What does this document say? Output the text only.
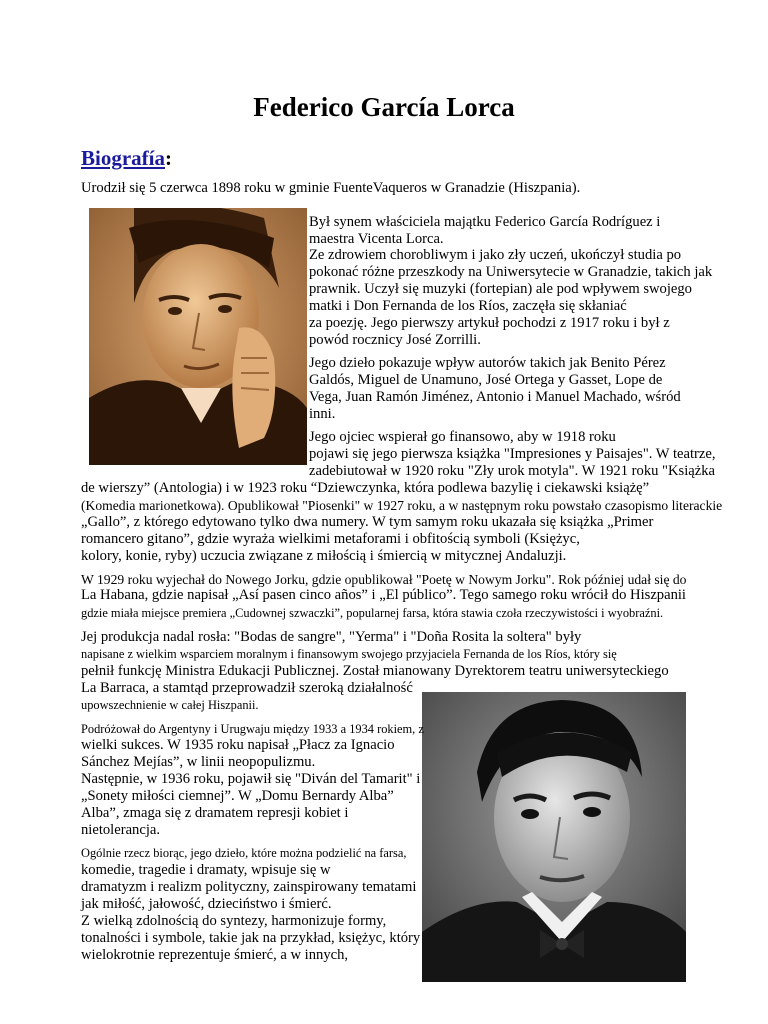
Federico García Lorca
Biografía:
Urodził się 5 czerwca 1898 roku w gminie FuenteVaqueros w Granadzie (Hiszpania).
Był synem właściciela majątku Federico García Rodríguez i
maestra Vicenta Lorca.
Ze zdrowiem chorobliwym i jako zły uczeń, ukończył studia po
pokonać różne przeszkody na Uniwersytecie w Granadzie, takich jak
prawnik. Uczył się muzyki (fortepian) ale pod wpływem swojego
matki i Don Fernanda de los Ríos, zaczęła się skłaniać
za poezję. Jego pierwszy artykuł pochodzi z 1917 roku i był z
powód rocznicy José Zorrilli.
Jego dzieło pokazuje wpływ autorów takich jak Benito Pérez
Galdós, Miguel de Unamuno, José Ortega y Gasset, Lope de
Vega, Juan Ramón Jiménez, Antonio i Manuel Machado, wśród
inni.
Jego ojciec wspierał go finansowo, aby w 1918 roku
pojawi się jego pierwsza książka "Impresiones y Paisajes". W teatrze,
zadebiutował w 1920 roku "Zły urok motyla". W 1921 roku "Książka
de wierszy” (Antologia) i w 1923 roku “Dziewczynka, która podlewa bazylię i ciekawski książę”
(Komedia marionetkowa). Opublikował "Piosenki" w 1927 roku, a w następnym roku powstało czasopismo literackie
„Gallo”, z którego edytowano tylko dwa numery. W tym samym roku ukazała się książka „Primer
romancero gitano”, gdzie wyraża wielkimi metaforami i obfitością symboli (Księżyc,
kolory, konie, ryby) uczucia związane z miłością i śmiercią w mitycznej Andaluzji.
W 1929 roku wyjechał do Nowego Jorku, gdzie opublikował "Poetę w Nowym Jorku". Rok później udał się do
La Habana, gdzie napisał „Así pasen cinco años” i „El público”. Tego samego roku wrócił do Hiszpanii
gdzie miała miejsce premiera „Cudownej szwaczki”, popularnej farsa, która stawia czoła rzeczywistości i wyobraźni.
Jej produkcja nadal rosła: "Bodas de sangre", "Yerma" i "Doña Rosita la soltera" były
napisane z wielkim wsparciem moralnym i finansowym swojego przyjaciela Fernanda de los Ríos, który się
pełnił funkcję Ministra Edukacji Publicznej. Został mianowany Dyrektorem teatru uniwersyteckiego
La Barraca, a stamtąd przeprowadził szeroką działalność
upowszechnienie w całej Hiszpanii.
Podróżował do Argentyny i Urugwaju między 1933 a 1934 rokiem, z
wielki sukces. W 1935 roku napisał „Płacz za Ignacio
Sánchez Mejías”, w linii neopopulizmu.
Następnie, w 1936 roku, pojawił się "Diván del Tamarit" i
„Sonety miłości ciemnej”. W „Domu Bernardy Alba”
Alba”, zmaga się z dramatem represji kobiet i
nietolerancja.
Ogólnie rzecz biorąc, jego dzieło, które można podzielić na farsa,
komedie, tragedie i dramaty, wpisuje się w
dramatyzm i realizm polityczny, zainspirowany tematami
jak miłość, jałowość, dzieciństwo i śmierć.
Z wielką zdolnością do syntezy, harmonizuje formy,
tonalności i symbole, takie jak na przykład, księżyc, który
wielokrotnie reprezentuje śmierć, a w innych,
